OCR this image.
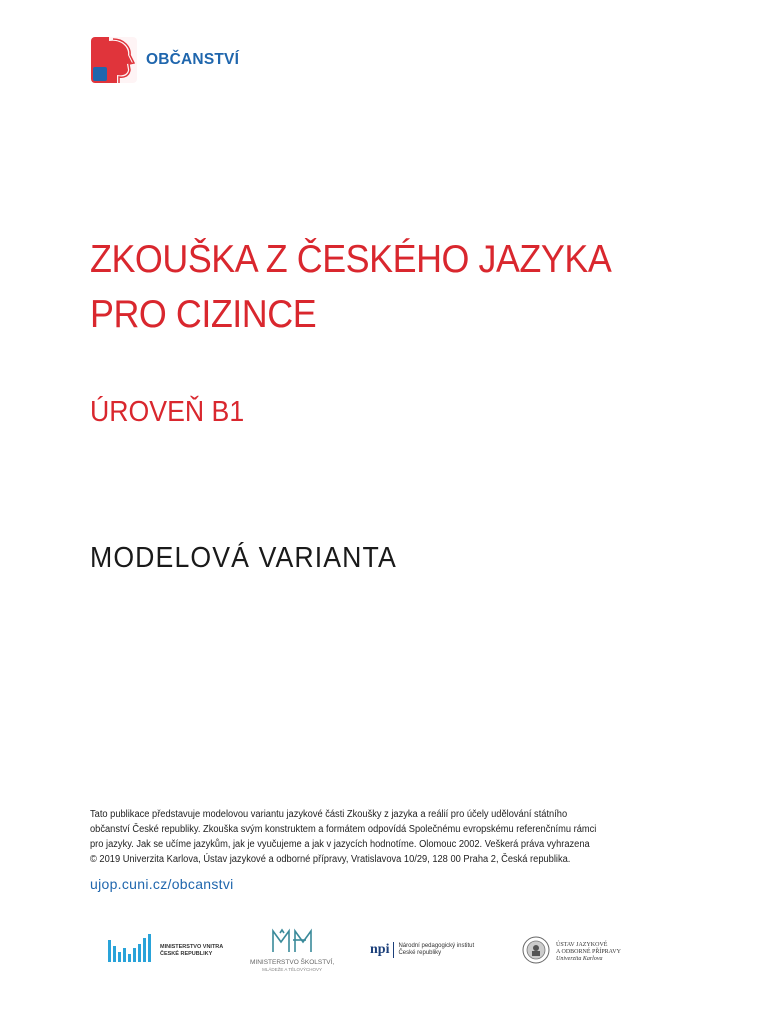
OBČANSTVÍ
ZKOUŠKA Z ČESKÉHO JAZYKA
PRO CIZINCE
ÚROVEŇ B1
MODELOVÁ VARIANTA
Tato publikace představuje modelovou variantu jazykové části Zkoušky z jazyka a reálií pro účely udělování státního
občanství České republiky. Zkouška svým konstruktem a formátem odpovídá Společnému evropskému referenčnímu rámci
pro jazyky. Jak se učíme jazykům, jak je vyučujeme a jak v jazycích hodnotíme. Olomouc 2002. Veškerá práva vyhrazena
© 2019 Univerzita Karlova, Ústav jazykové a odborné přípravy, Vratislavova 10/29, 128 00 Praha 2, Česká republika.
ujop.cuni.cz/obcanstvi
MINISTERSTVO VNITRA
ČESKÉ REPUBLIKY
MINISTERSTVO ŠKOLSTVÍ,
MLÁDEŽE A TĚLOVÝCHOVY
npi	Národní pedagogický institut
České republiky
ÚSTAV JAZYKOVÉ
A ODBORNÉ PŘÍPRAVY
Univerzita Karlova
